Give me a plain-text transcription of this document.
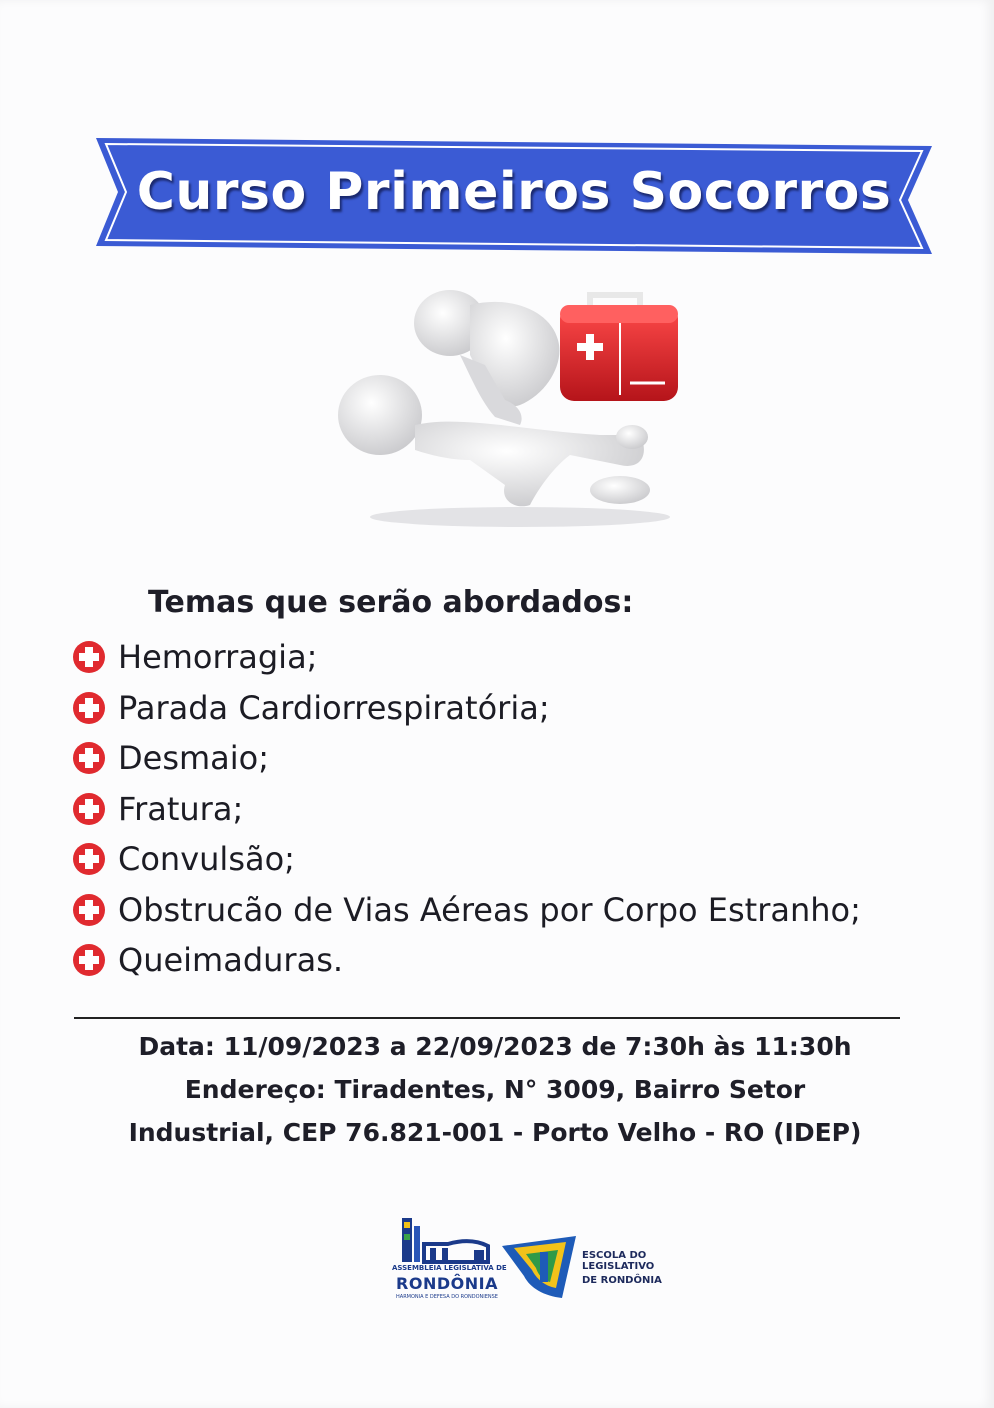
Curso Primeiros Socorros
Temas que serão abordados:
Hemorragia;
Parada Cardiorrespiratória;
Desmaio;
Fratura;
Convulsão;
Obstrucão de Vias Aéreas por Corpo Estranho;
Queimaduras.
Data: 11/09/2023 a 22/09/2023 de 7:30h às 11:30h
Endereço: Tiradentes, N° 3009, Bairro Setor
Industrial, CEP 76.821-001 - Porto Velho - RO (IDEP)
ASSEMBLEIA LEGISLATIVA DE
RONDÔNIA
HARMONIA E DEFESA DO RONDONIENSE
ESCOLA DO
LEGISLATIVO
DE RONDÔNIA
